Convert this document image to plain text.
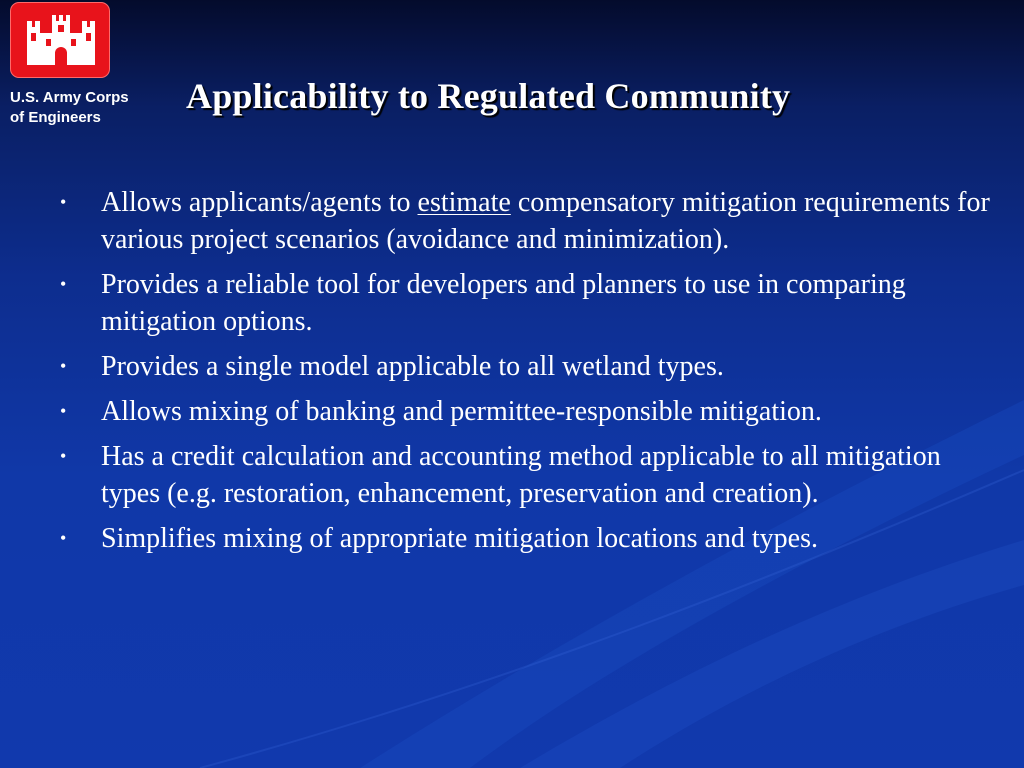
U.S. Army Corps
of Engineers
Applicability to Regulated Community
• Allows applicants/agents to estimate compensatory mitigation requirements for various project scenarios (avoidance and minimization).
• Provides a reliable tool for developers and planners to use in comparing mitigation options.
• Provides a single model applicable to all wetland types.
• Allows mixing of banking and permittee-responsible mitigation.
• Has a credit calculation and accounting method applicable to all mitigation types (e.g. restoration, enhancement, preservation and creation).
• Simplifies mixing of appropriate mitigation locations and types.
